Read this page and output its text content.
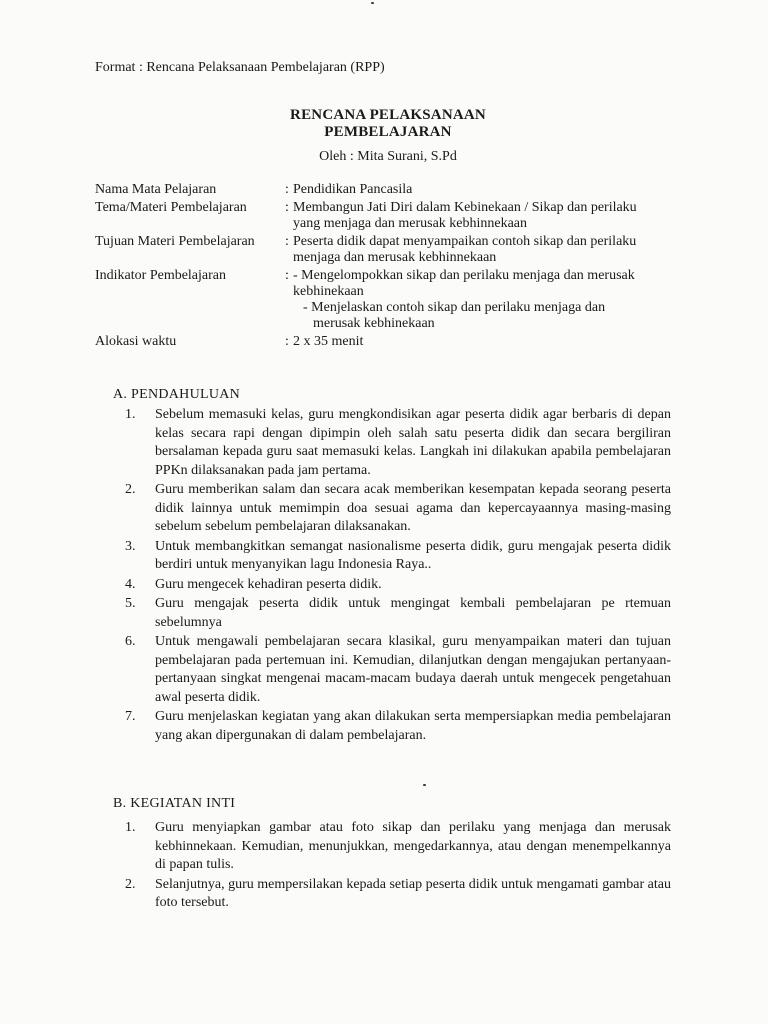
Format : Rencana Pelaksanaan Pembelajaran (RPP)
RENCANA PELAKSANAAN
PEMBELAJARAN
Oleh : Mita Surani, S.Pd
Nama Mata Pelajaran	: Pendidikan Pancasila
Tema/Materi Pembelajaran	: Membangun Jati Diri dalam Kebinekaan / Sikap dan perilaku
yang menjaga dan merusak kebhinnekaan
Tujuan Materi Pembelajaran	: Peserta didik dapat menyampaikan contoh sikap dan perilaku
menjaga dan merusak kebhinnekaan
Indikator Pembelajaran	: - Mengelompokkan sikap dan perilaku menjaga dan merusak
kebhinekaan
- Menjelaskan contoh sikap dan perilaku menjaga dan
merusak kebhinekaan
Alokasi waktu	: 2 x 35 menit
A. PENDAHULUAN
1.	Sebelum memasuki kelas, guru mengkondisikan agar peserta didik agar berbaris di depan kelas secara rapi dengan dipimpin oleh salah satu peserta didik dan secara bergiliran bersalaman kepada guru saat memasuki kelas. Langkah ini dilakukan apabila pembelajaran PPKn dilaksanakan pada jam pertama.
2.	Guru memberikan salam dan secara acak memberikan kesempatan kepada seorang peserta didik lainnya untuk memimpin doa sesuai agama dan kepercayaannya masing-masing sebelum sebelum pembelajaran dilaksanakan.
3.	Untuk membangkitkan semangat nasionalisme peserta didik, guru mengajak peserta didik berdiri untuk menyanyikan lagu Indonesia Raya..
4.	Guru mengecek kehadiran peserta didik.
5.	Guru mengajak peserta didik untuk mengingat kembali pembelajaran pe rtemuan sebelumnya
6.	Untuk mengawali pembelajaran secara klasikal, guru menyampaikan materi dan tujuan pembelajaran pada pertemuan ini. Kemudian, dilanjutkan dengan mengajukan pertanyaan-pertanyaan singkat mengenai macam-macam budaya daerah untuk mengecek pengetahuan awal peserta didik.
7.	Guru menjelaskan kegiatan yang akan dilakukan serta mempersiapkan media pembelajaran yang akan dipergunakan di dalam pembelajaran.
B. KEGIATAN INTI
1.	Guru menyiapkan gambar atau foto sikap dan perilaku yang menjaga dan merusak kebhinnekaan. Kemudian, menunjukkan, mengedarkannya, atau dengan menempelkannya di papan tulis.
2.	Selanjutnya, guru mempersilakan kepada setiap peserta didik untuk mengamati gambar atau foto tersebut.
